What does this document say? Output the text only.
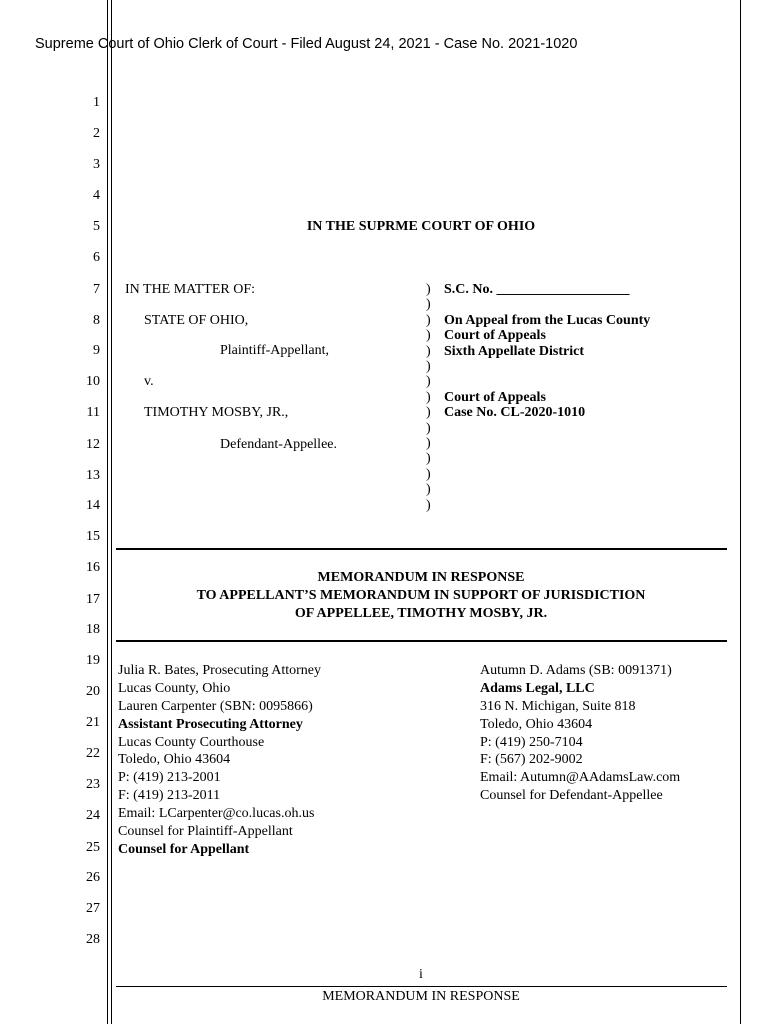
Supreme Court of Ohio Clerk of Court - Filed August 24, 2021 - Case No. 2021-1020
1
2
3
4
5
6
7
8
9
10
11
12
13
14
15
16
17
18
19
20
21
22
23
24
25
26
27
28
IN THE SUPRME COURT OF OHIO
IN THE MATTER OF:
STATE OF OHIO,
Plaintiff-Appellant,
v.
TIMOTHY MOSBY, JR.,
Defendant-Appellee.
)
)
)
)
)
)
)
)
)
)
)
)
)
)
)
S.C. No. ___________________
On Appeal from the Lucas County
Court of Appeals
Sixth Appellate District
Court of Appeals
Case No. CL-2020-1010
MEMORANDUM IN RESPONSE
TO APPELLANT’S MEMORANDUM IN SUPPORT OF JURISDICTION
OF APPELLEE, TIMOTHY MOSBY, JR.
Julia R. Bates, Prosecuting Attorney
Lucas County, Ohio
Lauren Carpenter (SBN: 0095866)
Assistant Prosecuting Attorney
Lucas County Courthouse
Toledo, Ohio 43604
P: (419) 213-2001
F: (419) 213-2011
Email: LCarpenter@co.lucas.oh.us
Counsel for Plaintiff-Appellant
Counsel for Appellant
Autumn D. Adams (SB: 0091371)
Adams Legal, LLC
316 N. Michigan, Suite 818
Toledo, Ohio 43604
P: (419) 250-7104
F: (567) 202-9002
Email: Autumn@AAdamsLaw.com
Counsel for Defendant-Appellee
i
MEMORANDUM IN RESPONSE
